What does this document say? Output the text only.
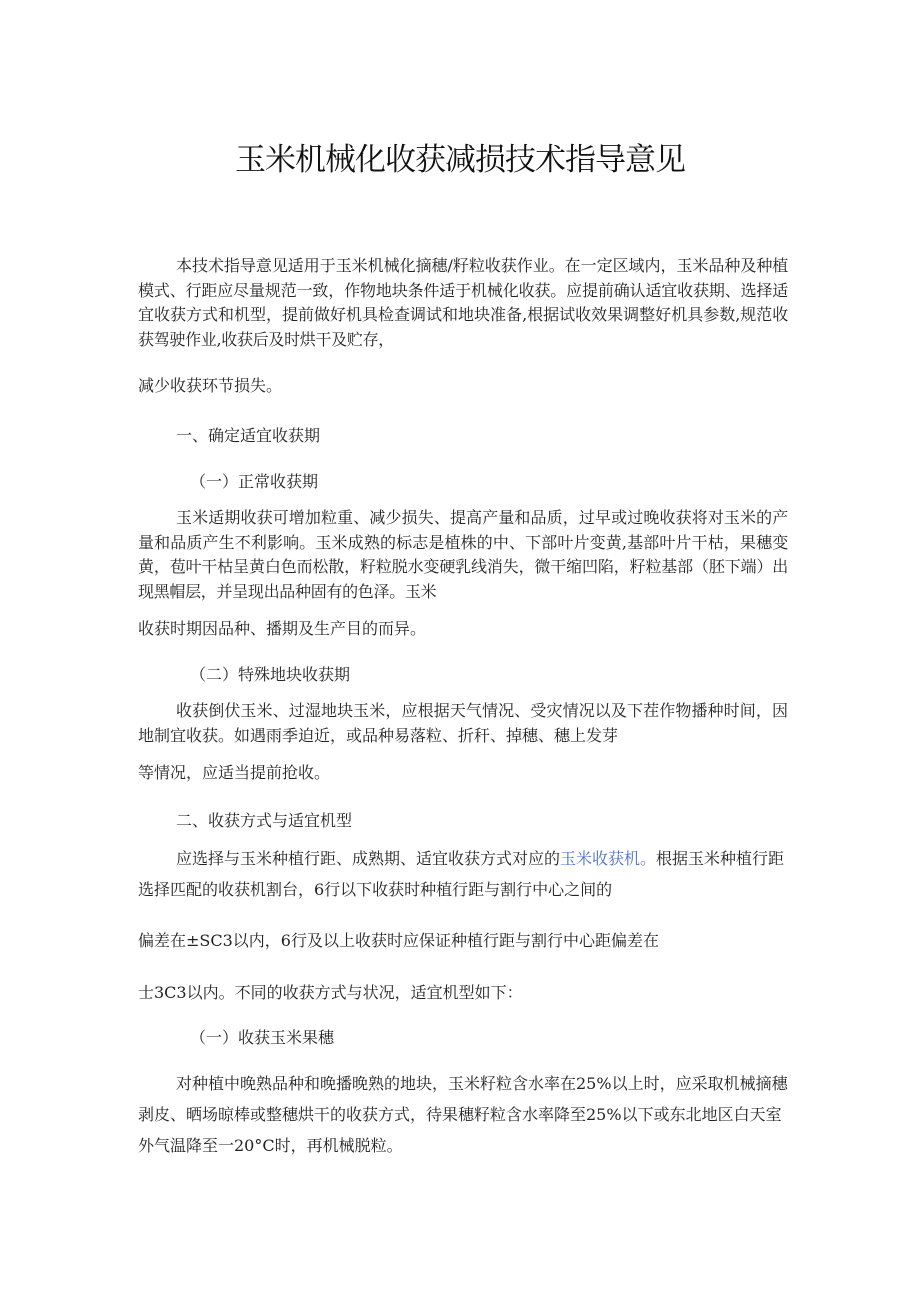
玉米机械化收获减损技术指导意见

本技术指导意见适用于玉米机械化摘穗/籽粒收获作业。在一定区域内，玉米品种及种植模式、行距应尽量规范一致，作物地块条件适于机械化收获。应提前确认适宜收获期、选择适宜收获方式和机型，提前做好机具检查调试和地块准备,根据试收效果调整好机具参数,规范收获驾驶作业,收获后及时烘干及贮存，

减少收获环节损失。

一、确定适宜收获期

（一）正常收获期

玉米适期收获可增加粒重、减少损失、提高产量和品质，过早或过晚收获将对玉米的产量和品质产生不利影响。玉米成熟的标志是植株的中、下部叶片变黄,基部叶片干枯，果穗变黄，苞叶干枯呈黄白色而松散，籽粒脱水变硬乳线消失，微干缩凹陷，籽粒基部（胚下端）出现黑帽层，并呈现出品种固有的色泽。玉米

收获时期因品种、播期及生产目的而异。

（二）特殊地块收获期

收获倒伏玉米、过湿地块玉米，应根据天气情况、受灾情况以及下茬作物播种时间，因地制宜收获。如遇雨季迫近，或品种易落粒、折秆、掉穗、穗上发芽

等情况，应适当提前抢收。

二、收获方式与适宜机型

应选择与玉米种植行距、成熟期、适宜收获方式对应的玉米收获机。根据玉米种植行距选择匹配的收获机割台，6行以下收获时种植行距与割行中心之间的

偏差在±SC3以内，6行及以上收获时应保证种植行距与割行中心距偏差在

士3C3以内。不同的收获方式与状况，适宜机型如下：

（一）收获玉米果穗

对种植中晚熟品种和晚播晚熟的地块，玉米籽粒含水率在25%以上时，应采取机械摘穗剥皮、晒场晾棒或整穗烘干的收获方式，待果穗籽粒含水率降至25%以下或东北地区白天室外气温降至一20°C时，再机械脱粒。
